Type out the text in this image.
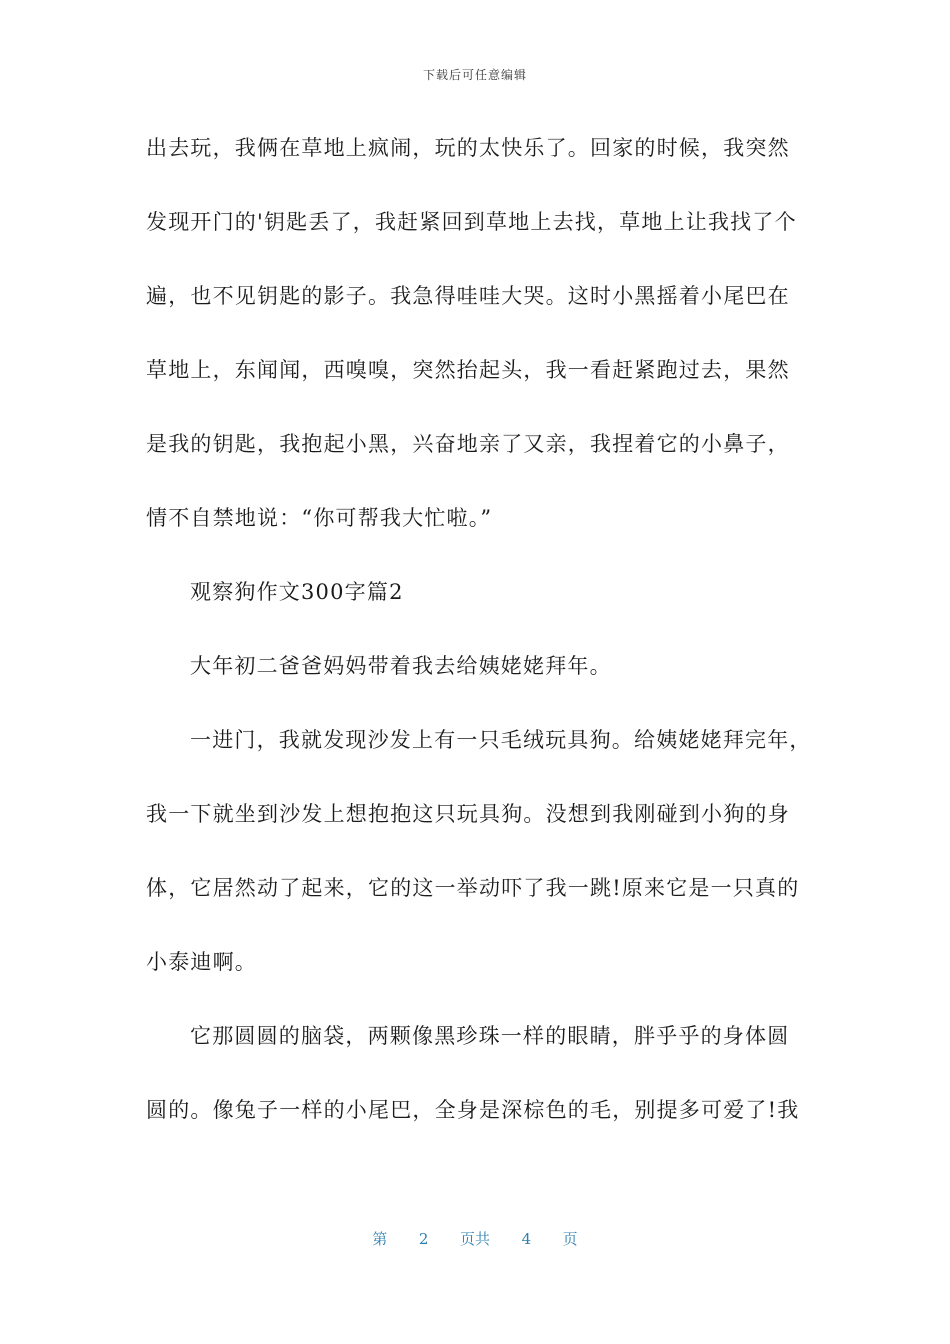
下载后可任意编辑
出去玩，我俩在草地上疯闹，玩的太快乐了。回家的时候，我突然
发现开门的'钥匙丢了，我赶紧回到草地上去找，草地上让我找了个
遍，也不见钥匙的影子。我急得哇哇大哭。这时小黑摇着小尾巴在
草地上，东闻闻，西嗅嗅，突然抬起头，我一看赶紧跑过去，果然
是我的钥匙，我抱起小黑，兴奋地亲了又亲，我捏着它的小鼻子，
情不自禁地说：“你可帮我大忙啦。”
观察狗作文300字篇2
大年初二爸爸妈妈带着我去给姨姥姥拜年。
一进门，我就发现沙发上有一只毛绒玩具狗。给姨姥姥拜完年，
我一下就坐到沙发上想抱抱这只玩具狗。没想到我刚碰到小狗的身
体，它居然动了起来，它的这一举动吓了我一跳!原来它是一只真的
小泰迪啊。
它那圆圆的脑袋，两颗像黑珍珠一样的眼睛，胖乎乎的身体圆
圆的。像兔子一样的小尾巴，全身是深棕色的毛，别提多可爱了!我
第 2 页共 4 页
